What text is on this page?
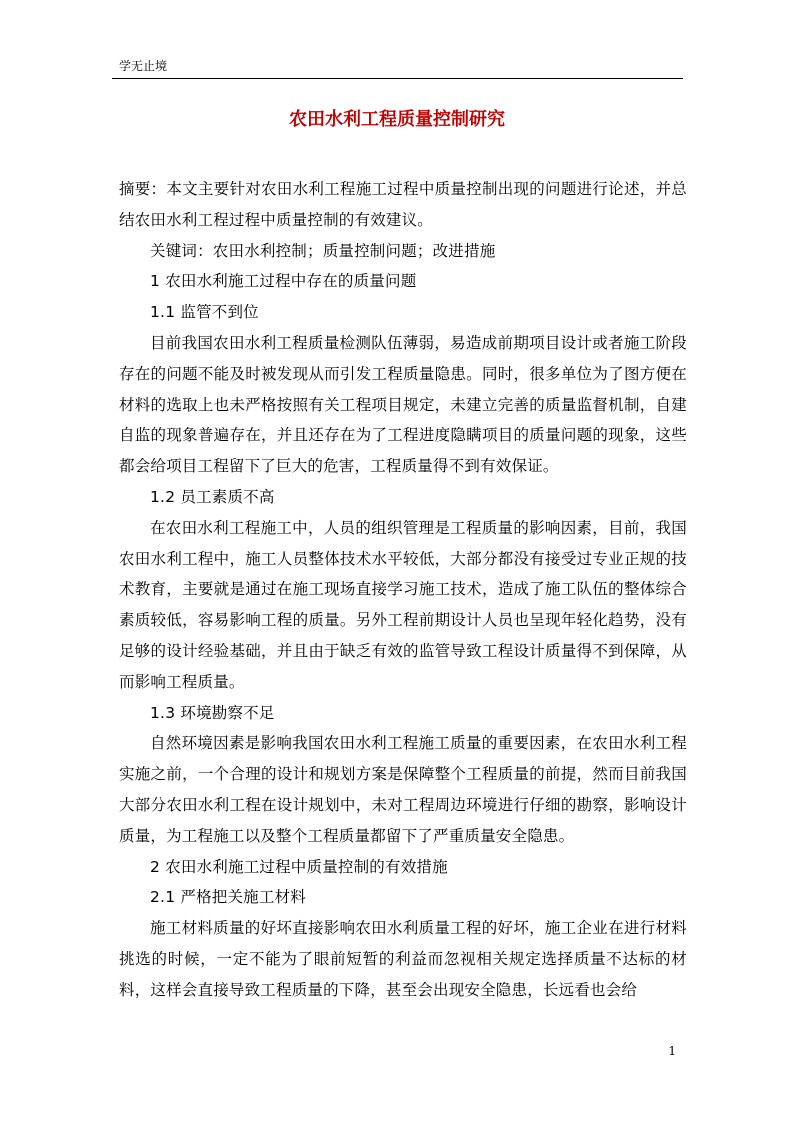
学无止境
农田水利工程质量控制研究

摘要：本文主要针对农田水利工程施工过程中质量控制出现的问题进行论述，并总结农田水利工程过程中质量控制的有效建议。

关键词：农田水利控制；质量控制问题；改进措施

1 农田水利施工过程中存在的质量问题

1.1 监管不到位

目前我国农田水利工程质量检测队伍薄弱，易造成前期项目设计或者施工阶段存在的问题不能及时被发现从而引发工程质量隐患。同时，很多单位为了图方便在材料的选取上也未严格按照有关工程项目规定，未建立完善的质量监督机制，自建自监的现象普遍存在，并且还存在为了工程进度隐瞒项目的质量问题的现象，这些都会给项目工程留下了巨大的危害，工程质量得不到有效保证。

1.2 员工素质不高

在农田水利工程施工中，人员的组织管理是工程质量的影响因素，目前，我国农田水利工程中，施工人员整体技术水平较低，大部分都没有接受过专业正规的技术教育，主要就是通过在施工现场直接学习施工技术，造成了施工队伍的整体综合素质较低，容易影响工程的质量。另外工程前期设计人员也呈现年轻化趋势，没有足够的设计经验基础，并且由于缺乏有效的监管导致工程设计质量得不到保障，从而影响工程质量。

1.3 环境勘察不足

自然环境因素是影响我国农田水利工程施工质量的重要因素，在农田水利工程实施之前，一个合理的设计和规划方案是保障整个工程质量的前提，然而目前我国大部分农田水利工程在设计规划中，未对工程周边环境进行仔细的勘察，影响设计质量，为工程施工以及整个工程质量都留下了严重质量安全隐患。

2 农田水利施工过程中质量控制的有效措施

2.1 严格把关施工材料

施工材料质量的好坏直接影响农田水利质量工程的好坏，施工企业在进行材料挑选的时候，一定不能为了眼前短暂的利益而忽视相关规定选择质量不达标的材料，这样会直接导致工程质量的下降，甚至会出现安全隐患，长远看也会给

1
